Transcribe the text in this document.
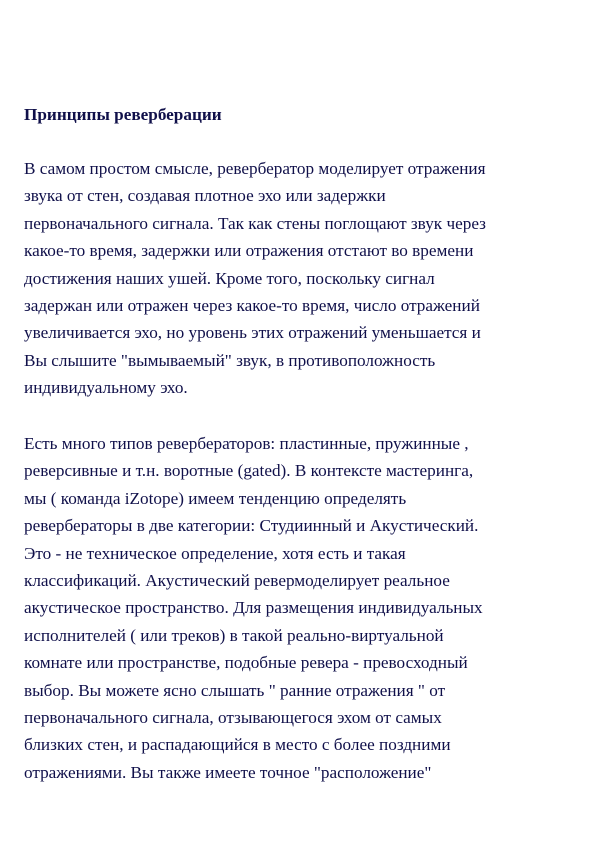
Принципы реверберации
В самом простом смысле, ревербератор моделирует отражения
звука от стен, создавая плотное эхо или задержки
первоначального сигнала. Так как стены поглощают звук через
какое-то время, задержки или отражения отстают во времени
достижения наших ушей. Кроме того, поскольку сигнал
задержан или отражен через какое-то время, число отражений
увеличивается эхо, но уровень этих отражений уменьшается и
Вы слышите "вымываемый" звук, в противоположность
индивидуальному эхо.
Есть много типов ревербераторов: пластинные, пружинные ,
реверсивные и т.н. воротные (gated). В контексте мастеринга,
мы ( команда iZotope) имеем тенденцию определять
ревербераторы в две категории: Студиинный и Акустический.
Это - не техническое определение, хотя есть и такая
классификаций. Акустический ревермоделирует реальное
акустическое пространство. Для размещения индивидуальных
исполнителей ( или треков) в такой реально-виртуальной
комнате или пространстве, подобные ревера - превосходный
выбор. Вы можете ясно слышать " ранние отражения " от
первоначального сигнала, отзывающегося эхом от самых
близких стен, и распадающийся в место с более поздними
отражениями. Вы также имеете точное "расположение"
